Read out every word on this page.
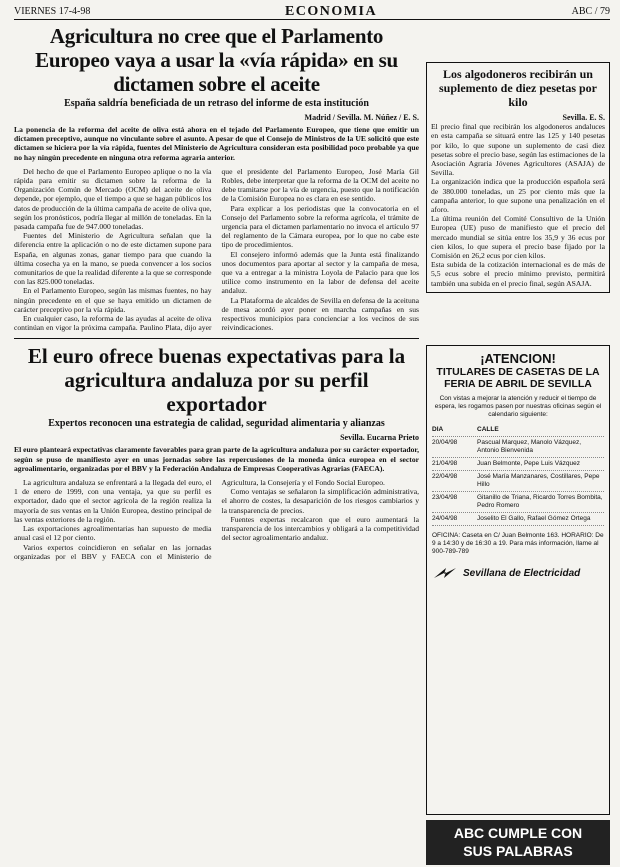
VIERNES 17-4-98	ECONOMIA	ABC / 79
Agricultura no cree que el Parlamento Europeo vaya a usar la «vía rápida» en su dictamen sobre el aceite
España saldría beneficiada de un retraso del informe de esta institución
Madrid / Sevilla. M. Núñez / E. S.
La ponencia de la reforma del aceite de oliva está ahora en el tejado del Parlamento Europeo, que tiene que emitir un dictamen preceptivo, aunque no vinculante sobre el asunto. A pesar de que el Consejo de Ministros de la UE solicitó que este dictamen se hiciera por la vía rápida, fuentes del Ministerio de Agricultura consideran esta posibilidad poco probable ya que no hay ningún precedente en ninguna otra reforma agraria anterior.

Del hecho de que el Parlamento Europeo aplique o no la vía rápida para emitir su dictamen sobre la reforma de la Organización Común de Mercado (OCM) del aceite de oliva depende, por ejemplo, que el tiempo a que se hagan públicos los datos de producción de la última campaña de aceite de oliva que, según los pronósticos, podría llegar al millón de toneladas. En la pasada campaña fue de 947.000 toneladas.

Fuentes del Ministerio de Agricultura señalan que la diferencia entre la aplicación o no de este dictamen supone para España, en algunas zonas, ganar tiempo para que cuando la última cosecha ya en la mano, se pueda convencer a los socios comunitarios de que la realidad diferente a la que se corresponde con las 825.000 toneladas.

En el Parlamento Europeo, según las mismas fuentes, no hay ningún precedente en el que se haya emitido un dictamen de carácter preceptivo por la vía rápida.

En cualquier caso, la reforma de las ayudas al aceite de oliva continúan en vigor la próxima campaña. Paulino Plata, dijo ayer que el presidente del Parlamento Europeo, José María Gil Robles, debe interpretar que la reforma de la OCM del aceite no debe tramitarse por la vía de urgencia, puesto que la notificación de la Comisión Europea no es clara en ese sentido.

Para explicar a los periodistas que la convocatoria en el Consejo del Parlamento sobre la reforma agrícola, el trámite de urgencia para el dictamen parlamentario no invoca el artículo 97 del reglamento de la Cámara europea, por lo que no cabe este tipo de procedimientos.

El consejero informó además que la Junta está finalizando unos documentos para aportar al sector y la campaña de mesa, que va a entregar a la ministra Loyola de Palacio para que los utilice como instrumento en la labor de defensa del aceite andaluz.

La Plataforma de alcaldes de Sevilla en defensa de la aceituna de mesa acordó ayer poner en marcha campañas en sus respectivos municipios para concienciar a los vecinos de sus reivindicaciones.

El euro ofrece buenas expectativas para la agricultura andaluza por su perfil exportador
Expertos reconocen una estrategia de calidad, seguridad alimentaria y alianzas
Sevilla. Eucarna Prieto
El euro planteará expectativas claramente favorables para gran parte de la agricultura andaluza por su carácter exportador, según se puso de manifiesto ayer en unas jornadas sobre las repercusiones de la moneda única europea en el sector agroalimentario, organizadas por el BBV y la Federación Andaluza de Empresas Cooperativas Agrarias (FAECA).

La agricultura andaluza se enfrentará a la llegada del euro, el 1 de enero de 1999, con una ventaja, ya que su perfil es exportador, dado que el sector agrícola de la región realiza la mayoría de sus ventas en la Unión Europea, destino principal de las ventas exteriores de la región.

Las exportaciones agroalimentarias han supuesto de media anual casi el 12 por ciento.

Varios expertos coincidieron en señalar en las jornadas organizadas por el BBV y FAECA con el Ministerio de Agricultura, la Consejería y el Fondo Social Europeo.

Como ventajas se señalaron la simplificación administrativa, el ahorro de costes, la desaparición de los riesgos cambiarios y la transparencia de precios.

Fuentes expertas recalcaron que el euro aumentará la transparencia de los intercambios y obligará a la competitividad del sector agroalimentario andaluz.

Los algodoneros recibirán un suplemento de diez pesetas por kilo
Sevilla. E. S.

El precio final que recibirán los algodoneros andaluces en esta campaña se situará entre las 125 y 140 pesetas por kilo, lo que supone un suplemento de casi diez pesetas sobre el precio base, según las estimaciones de la Asociación Agraria Jóvenes Agricultores (ASAJA) de Sevilla.

La organización indica que la producción española será de 380.000 toneladas, un 25 por ciento más que la campaña anterior, lo que supone una penalización en el aforo.

La última reunión del Comité Consultivo de la Unión Europea (UE) puso de manifiesto que el precio del mercado mundial se sitúa entre los 35,9 y 36 ecus por cien kilos, lo que supera el precio base fijado por la Comisión en 26,2 ecus por cien kilos.

Esta subida de la cotización internacional es de más de 5,5 ecus sobre el precio mínimo previsto, permitirá también una subida en el precio final, según ASAJA.

¡ATENCION!
TITULARES DE CASETAS DE LA FERIA DE ABRIL DE SEVILLA
Con vistas a mejorar la atención y reducir el tiempo de espera, les rogamos pasen por nuestras oficinas según el calendario siguiente:
DIA	CALLE
20/04/98	Pascual Marquez, Manolo Vázquez, Antonio Bienvenida
21/04/98	Juan Belmonte, Pepe Luis Vázquez
22/04/98	José María Manzanares, Costillares, Pepe Hillo
23/04/98	Gitanillo de Triana, Ricardo Torres Bombita, Pedro Romero
24/04/98	Joselito El Gallo, Rafael Gómez Ortega
OFICINA: Caseta en C/ Juan Belmonte 163. HORARIO: De 9 a 14:30 y de 16:30 a 19. Para más información, llame al 900-789-789
Sevillana de Electricidad
ABC CUMPLE CON
SUS PALABRAS
